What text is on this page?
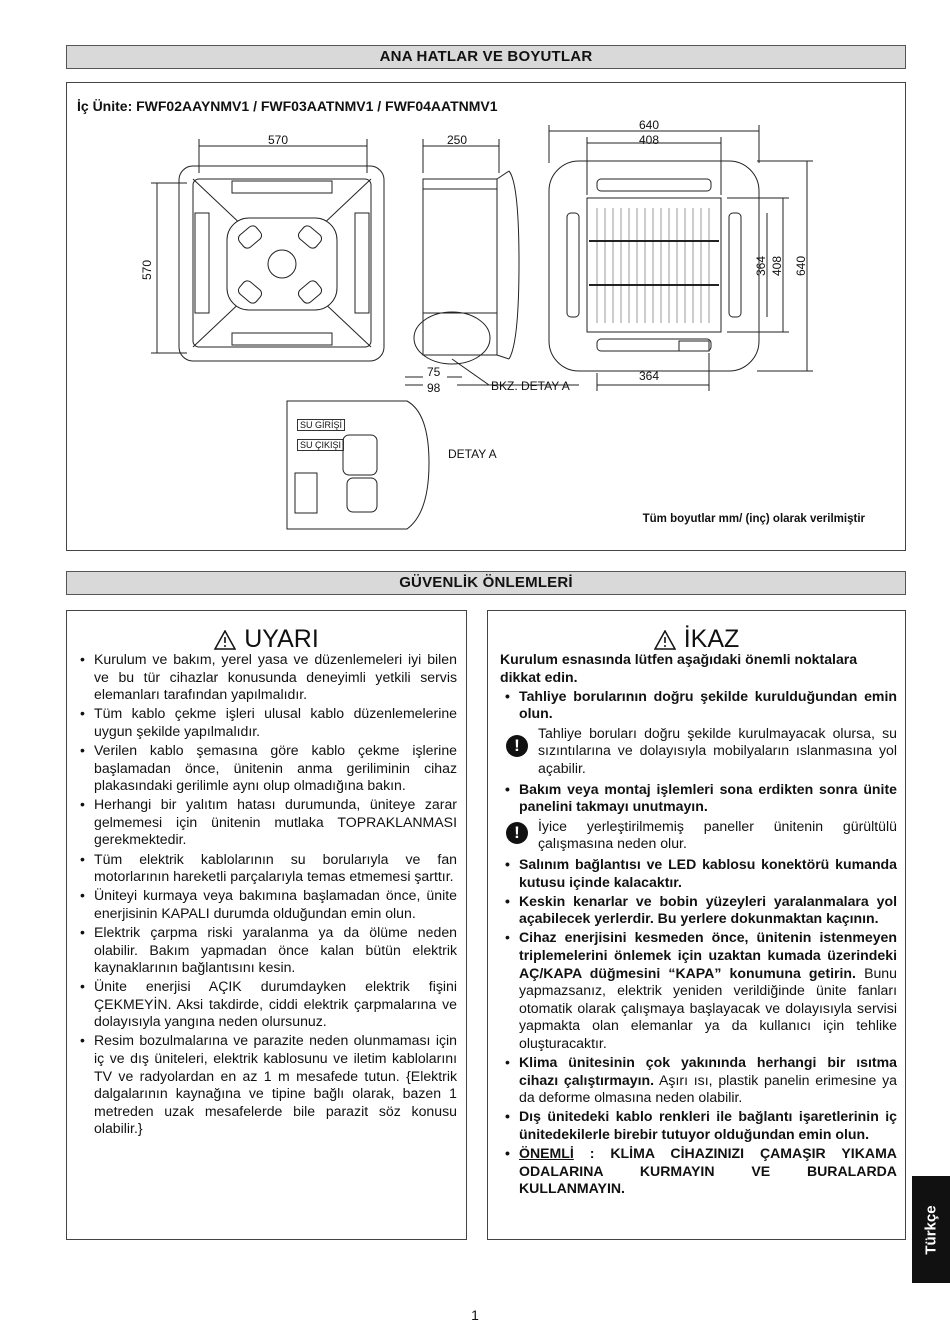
ANA HATLAR VE BOYUTLAR
İç Ünite: FWF02AAYNMV1 / FWF03AATNMV1 / FWF04AATNMV1
570
570
250
640
408
364 408 640
364
75
98	BKZ. DETAY A
DETAY A
SU GİRİŞİ
SU ÇIKIŞI
Tüm boyutlar mm/ (inç) olarak verilmiştir
GÜVENLİK ÖNLEMLERİ
UYARI
• Kurulum ve bakım, yerel yasa ve düzenlemeleri iyi bilen ve bu tür cihazlar konusunda deneyimli yetkili servis elemanları tarafından yapılmalıdır.
• Tüm kablo çekme işleri ulusal kablo düzenlemelerine uygun şekilde yapılmalıdır.
• Verilen kablo şemasına göre kablo çekme işlerine başlamadan önce, ünitenin anma geriliminin cihaz plakasındaki gerilimle aynı olup olmadığına bakın.
• Herhangi bir yalıtım hatası durumunda, üniteye zarar gelmemesi için ünitenin mutlaka TOPRAKLANMASI gerekmektedir.
• Tüm elektrik kablolarının su borularıyla ve fan motorlarının hareketli parçalarıyla temas etmemesi şarttır.
• Üniteyi kurmaya veya bakımına başlamadan önce, ünite enerjisinin KAPALI durumda olduğundan emin olun.
• Elektrik çarpma riski yaralanma ya da ölüme neden olabilir. Bakım yapmadan önce kalan bütün elektrik kaynaklarının bağlantısını kesin.
• Ünite enerjisi AÇIK durumdayken elektrik fişini ÇEKMEYİN. Aksi takdirde, ciddi elektrik çarpmalarına ve dolayısıyla yangına neden olursunuz.
• Resim bozulmalarına ve parazite neden olunmaması için iç ve dış üniteleri, elektrik kablosunu ve iletim kablolarını TV ve radyolardan en az 1 m mesafede tutun. {Elektrik dalgalarının kaynağına ve tipine bağlı olarak, bazen 1 metreden uzak mesafelerde bile parazit söz konusu olabilir.}
İKAZ

Kurulum esnasında lütfen aşağıdaki önemli noktalara dikkat edin.

• Tahliye borularının doğru şekilde kurulduğundan emin olun.
!
Tahliye boruları doğru şekilde kurulmayacak olursa, su sızıntılarına ve dolayısıyla mobilyaların ıslanmasına yol açabilir.
• Bakım veya montaj işlemleri sona erdikten sonra ünite panelini takmayı unutmayın.
!	İyice yerleştirilmemiş paneller ünitenin gürültülü çalışmasına neden olur.
• Salınım bağlantısı ve LED kablosu konektörü kumanda kutusu içinde kalacaktır.
• Keskin kenarlar ve bobin yüzeyleri yaralanmalara yol açabilecek yerlerdir. Bu yerlere dokunmaktan kaçının.
• Cihaz enerjisini kesmeden önce, ünitenin istenmeyen triplemelerini önlemek için uzaktan kumada üzerindeki AÇ/KAPA düğmesini “KAPA” konumuna getirin. Bunu yapmazsanız, elektrik yeniden verildiğinde ünite fanları otomatik olarak çalışmaya başlayacak ve dolayısıyla servisi yapmakta olan elemanlar ya da kullanıcı için tehlike oluşturacaktır.
• Klima ünitesinin çok yakınında herhangi bir ısıtma cihazı çalıştırmayın. Aşırı ısı, plastik panelin erimesine ya da deforme olmasına neden olabilir.
• Dış ünitedeki kablo renkleri ile bağlantı işaretlerinin iç ünitedekilerle birebir tutuyor olduğundan emin olun.
• ÖNEMLİ : KLİMA CİHAZINIZI ÇAMAŞIR YIKAMA ODALARINA KURMAYIN VE BURALARDA KULLANMAYIN.
Türkçe
1
